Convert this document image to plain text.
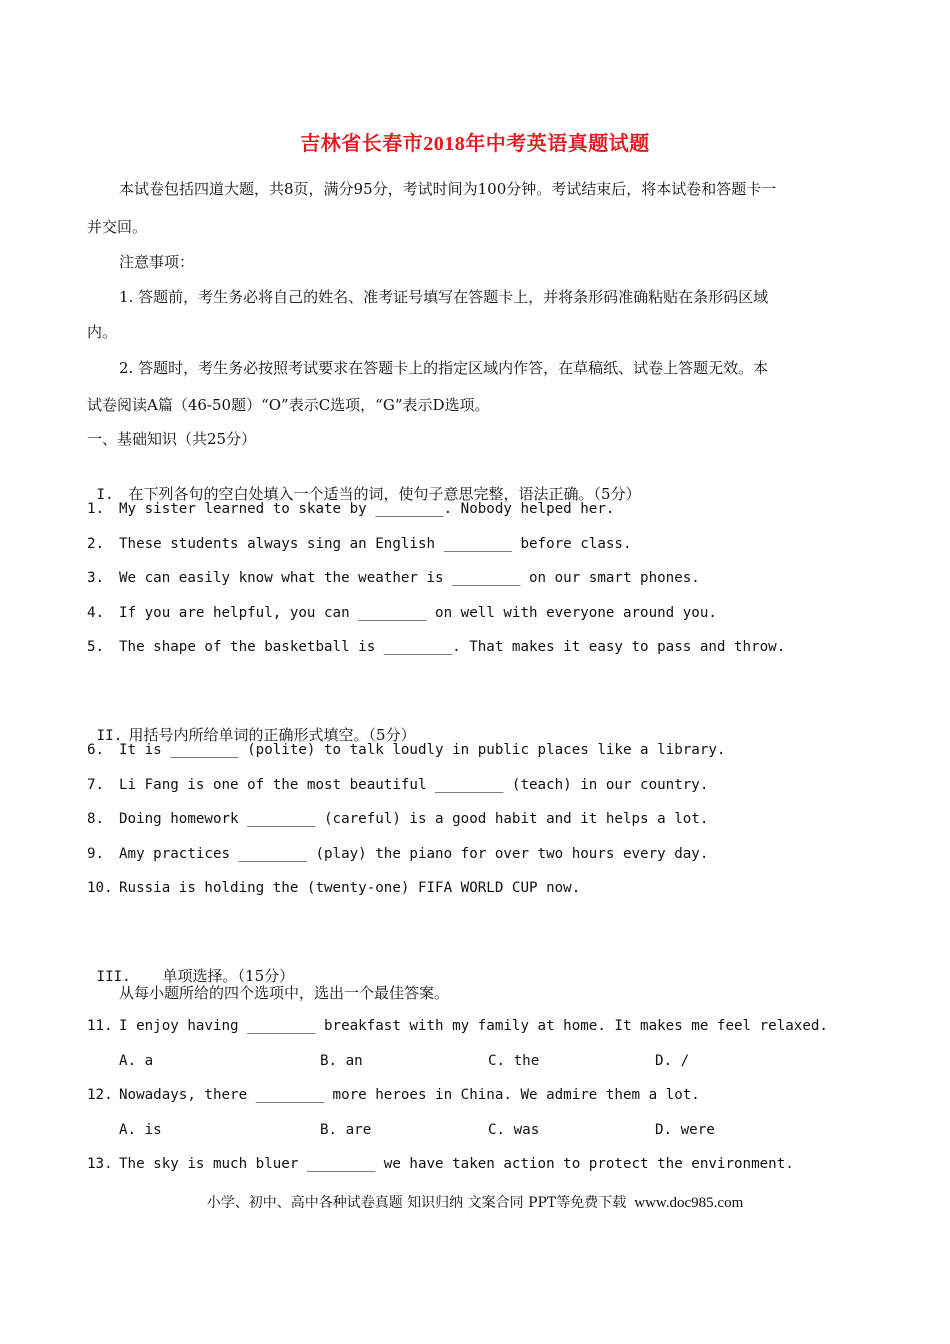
吉林省长春市2018年中考英语真题试题
本试卷包括四道大题，共8页，满分95分，考试时间为100分钟。考试结束后，将本试卷和答题卡一
并交回。
注意事项：
1. 答题前，考生务必将自己的姓名、准考证号填写在答题卡上，并将条形码准确粘贴在条形码区域
内。
2. 答题时，考生务必按照考试要求在答题卡上的指定区域内作答，在草稿纸、试卷上答题无效。本
试卷阅读A篇（46-50题）“O”表示C选项，“G”表示D选项。
一、基础知识（共25分）

I. 在下列各句的空白处填入一个适当的词，使句子意思完整，语法正确。（5分）

1. My sister learned to skate by ________. Nobody helped her.
2. These students always sing an English ________ before class.
3. We can easily know what the weather is ________ on our smart phones.
4. If you are helpful, you can ________ on well with everyone around you.
5. The shape of the basketball is ________. That makes it easy to pass and throw.

II. 用括号内所给单词的正确形式填空。（5分）

6. It is ________ (polite) to talk loudly in public places like a library.
7. Li Fang is one of the most beautiful ________ (teach) in our country.
8. Doing homework ________ (careful) is a good habit and it helps a lot.
9. Amy practices ________ (play) the piano for over two hours every day.
10. Russia is holding the (twenty-one) FIFA WORLD CUP now.

III. 单项选择。（15分）

从每小题所给的四个选项中，选出一个最佳答案。
11. I enjoy having ________ breakfast with my family at home. It makes me feel relaxed.
A. a	B. an	C. the	D. /
12. Nowadays, there ________ more heroes in China. We admire them a lot.
A. is	B. are	C. was	D. were
13. The sky is much bluer ________ we have taken action to protect the environment.
小学、初中、高中各种试卷真题 知识归纳 文案合同 PPT等免费下载 www.doc985.com
